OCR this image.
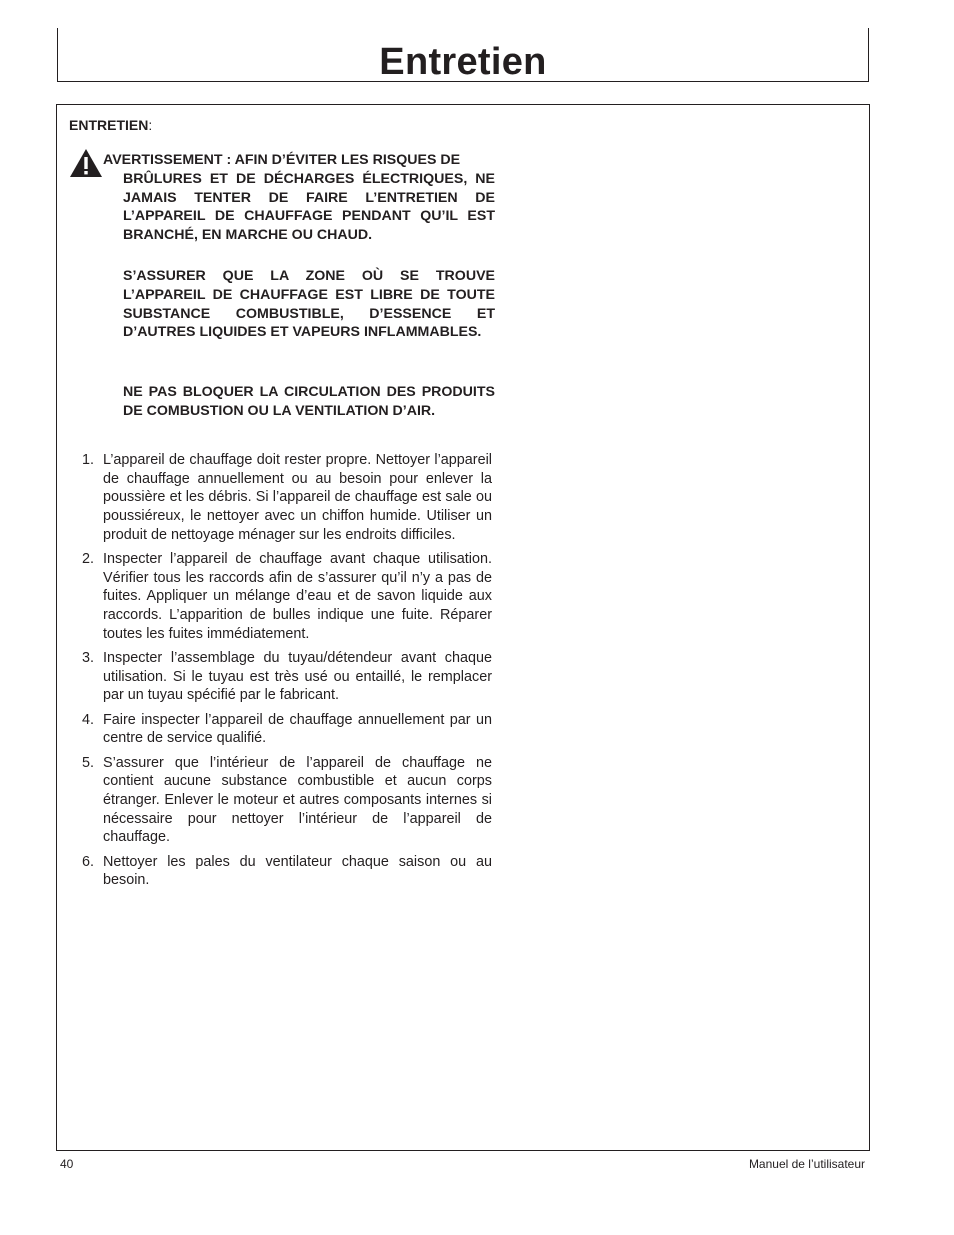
Entretien
ENTRETIEN:
AVERTISSEMENT : AFIN D’ÉVITER LES RISQUES DE
BRÛLURES ET DE DÉCHARGES ÉLECTRIQUES, NE JAMAIS TENTER DE FAIRE L’ENTRETIEN DE L’APPAREIL DE CHAUFFAGE PENDANT QU’IL EST BRANCHÉ, EN MARCHE OU CHAUD.
S’ASSURER QUE LA ZONE OÙ SE TROUVE L’APPAREIL DE CHAUFFAGE EST LIBRE DE TOUTE SUBSTANCE COMBUSTIBLE, D’ESSENCE ET D’AUTRES LIQUIDES ET VAPEURS INFLAMMABLES.
NE PAS BLOQUER LA CIRCULATION DES PRODUITS DE COMBUSTION OU LA VENTILATION D’AIR.
1. L’appareil de chauffage doit rester propre. Nettoyer l’appareil de chauffage annuellement ou au besoin pour enlever la poussière et les débris. Si l’appareil de chauffage est sale ou poussiéreux, le nettoyer avec un chiffon humide. Utiliser un produit de nettoyage ménager sur les endroits difficiles.
2. Inspecter l’appareil de chauffage avant chaque utilisation. Vérifier tous les raccords afin de s’assurer qu’il n’y a pas de fuites. Appliquer un mélange d’eau et de savon liquide aux raccords. L’apparition de bulles indique une fuite. Réparer toutes les fuites immédiatement.
3. Inspecter l’assemblage du tuyau/détendeur avant chaque utilisation. Si le tuyau est très usé ou entaillé, le remplacer par un tuyau spécifié par le fabricant.
4. Faire inspecter l’appareil de chauffage annuellement par un centre de service qualifié.
5. S’assurer que l’intérieur de l’appareil de chauffage ne contient aucune substance combustible et aucun corps étranger. Enlever le moteur et autres composants internes si nécessaire pour nettoyer l’intérieur de l’appareil de chauffage.
6. Nettoyer les pales du ventilateur chaque saison ou au besoin.
40	Manuel de l’utilisateur
